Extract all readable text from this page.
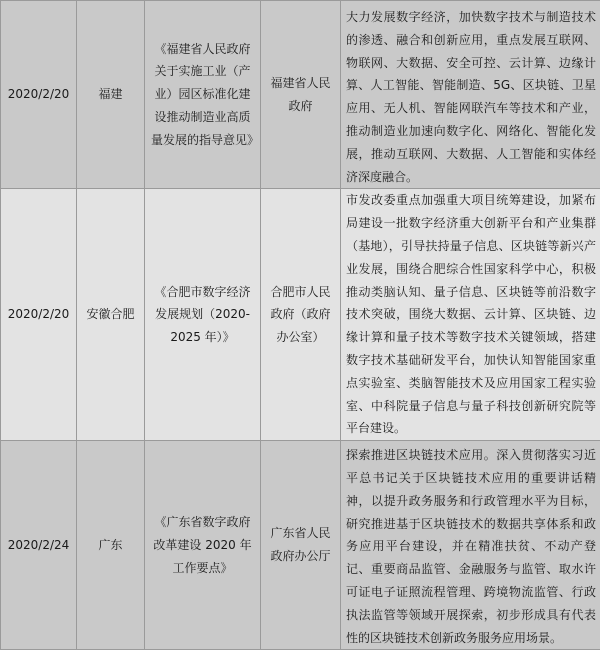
2020/2/20	福建	《福建省人民政府关于实施工业（产业）园区标准化建设推动制造业高质量发展的指导意见》	福建省人民政府	大力发展数字经济，加快数字技术与制造技术的渗透、融合和创新应用，重点发展互联网、物联网、大数据、安全可控、云计算、边缘计算、人工智能、智能制造、5G、区块链、卫星应用、无人机、智能网联汽车等技术和产业，推动制造业加速向数字化、网络化、智能化发展，推动互联网、大数据、人工智能和实体经济深度融合。

2020/2/20	安徽合肥	《合肥市数字经济发展规划（2020-2025 年）》	合肥市人民政府（政府办公室）	市发改委重点加强重大项目统筹建设，加紧布局建设一批数字经济重大创新平台和产业集群（基地），引导扶持量子信息、区块链等新兴产业发展，围绕合肥综合性国家科学中心，积极推动类脑认知、量子信息、区块链等前沿数字技术突破，围绕大数据、云计算、区块链、边缘计算和量子技术等数字技术关键领域，搭建数字技术基础研发平台，加快认知智能国家重点实验室、类脑智能技术及应用国家工程实验室、中科院量子信息与量子科技创新研究院等平台建设。

2020/2/24	广东	《广东省数字政府改革建设 2020 年工作要点》	广东省人民政府办公厅	探索推进区块链技术应用。深入贯彻落实习近平总书记关于区块链技术应用的重要讲话精神，以提升政务服务和行政管理水平为目标，研究推进基于区块链技术的数据共享体系和政务应用平台建设，并在精准扶贫、不动产登记、重要商品监管、金融服务与监管、取水许可证电子证照流程管理、跨境物流监管、行政执法监管等领域开展探索，初步形成具有代表性的区块链技术创新政务服务应用场景。
